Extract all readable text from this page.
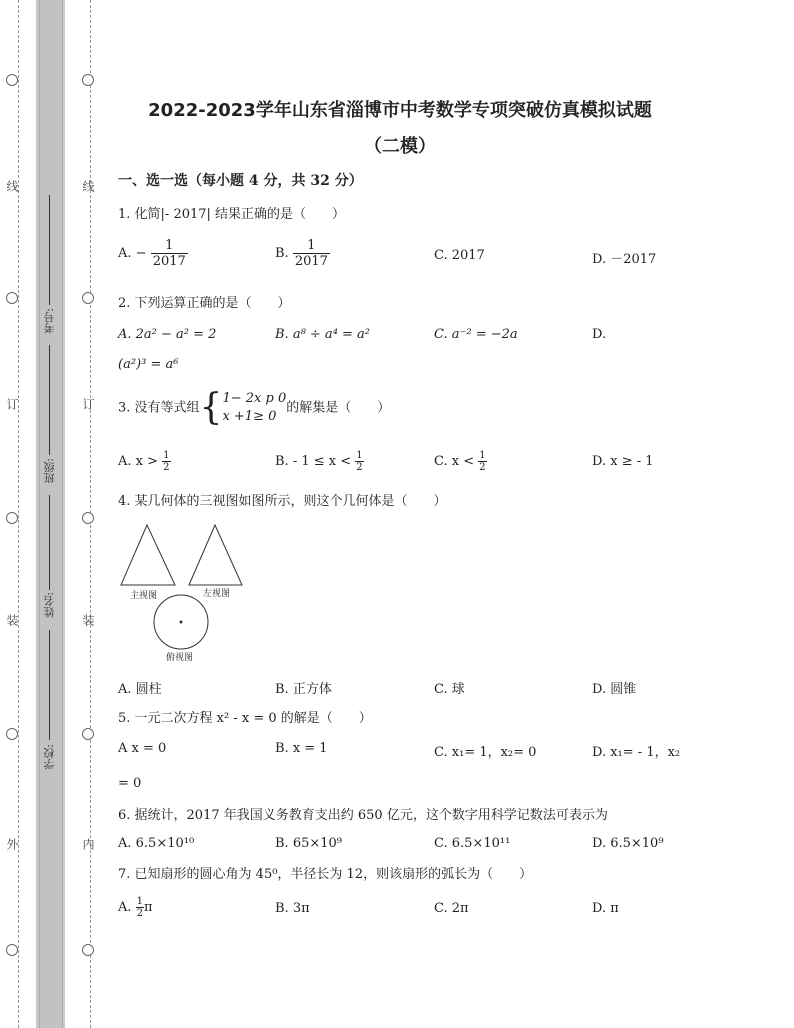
线
订
装
外
线
订
装
内
考号:
班级:
姓名:
学校:
2022-2023学年山东省淄博市中考数学专项突破仿真模拟试题
（二模）
一、选一选（每小题 4 分，共 32 分）
1. 化简|- 2017| 结果正确的是（　　）
A. − $\frac{1}{2017}$	B. $\frac{1}{2017}$	C. 2017	D. －2017
2. 下列运算正确的是（　　）
A. 2a² − a² = 2	B. a⁸ ÷ a⁴ = a²	C. a⁻² = −2a	D.
(a²)³ = a⁶
3. 没有等式组{ 1− 2x p 0
x +1≥ 0
的解集是（　　）
A. $x > \frac{1}{2}$	B. - $1 \le x < \frac{1}{2}$	C. $x < \frac{1}{2}$	D. x ≥ - 1
4. 某几何体的三视图如图所示，则这个几何体是（　　）
主视图	左视图
俯视图
A. 圆柱	B. 正方体	C. 球	D. 圆锥
5. 一元二次方程 x² - x = 0 的解是（　　）
A x = 0	B. x = 1	C. x₁= 1，x₂= 0	D. x₁= - 1，x₂
= 0
6. 据统计，2017 年我国义务教育支出约 650 亿元，这个数字用科学记数法可表示为
A. 6.5×10¹⁰	B. 65×10⁹	C. 6.5×10¹¹	D. 6.5×10⁹
7. 已知扇形的圆心角为 45⁰，半径长为 12，则该扇形的弧长为（　　）
A. $\frac{1}{2}$ π	B. 3π	C. 2π	D. π
